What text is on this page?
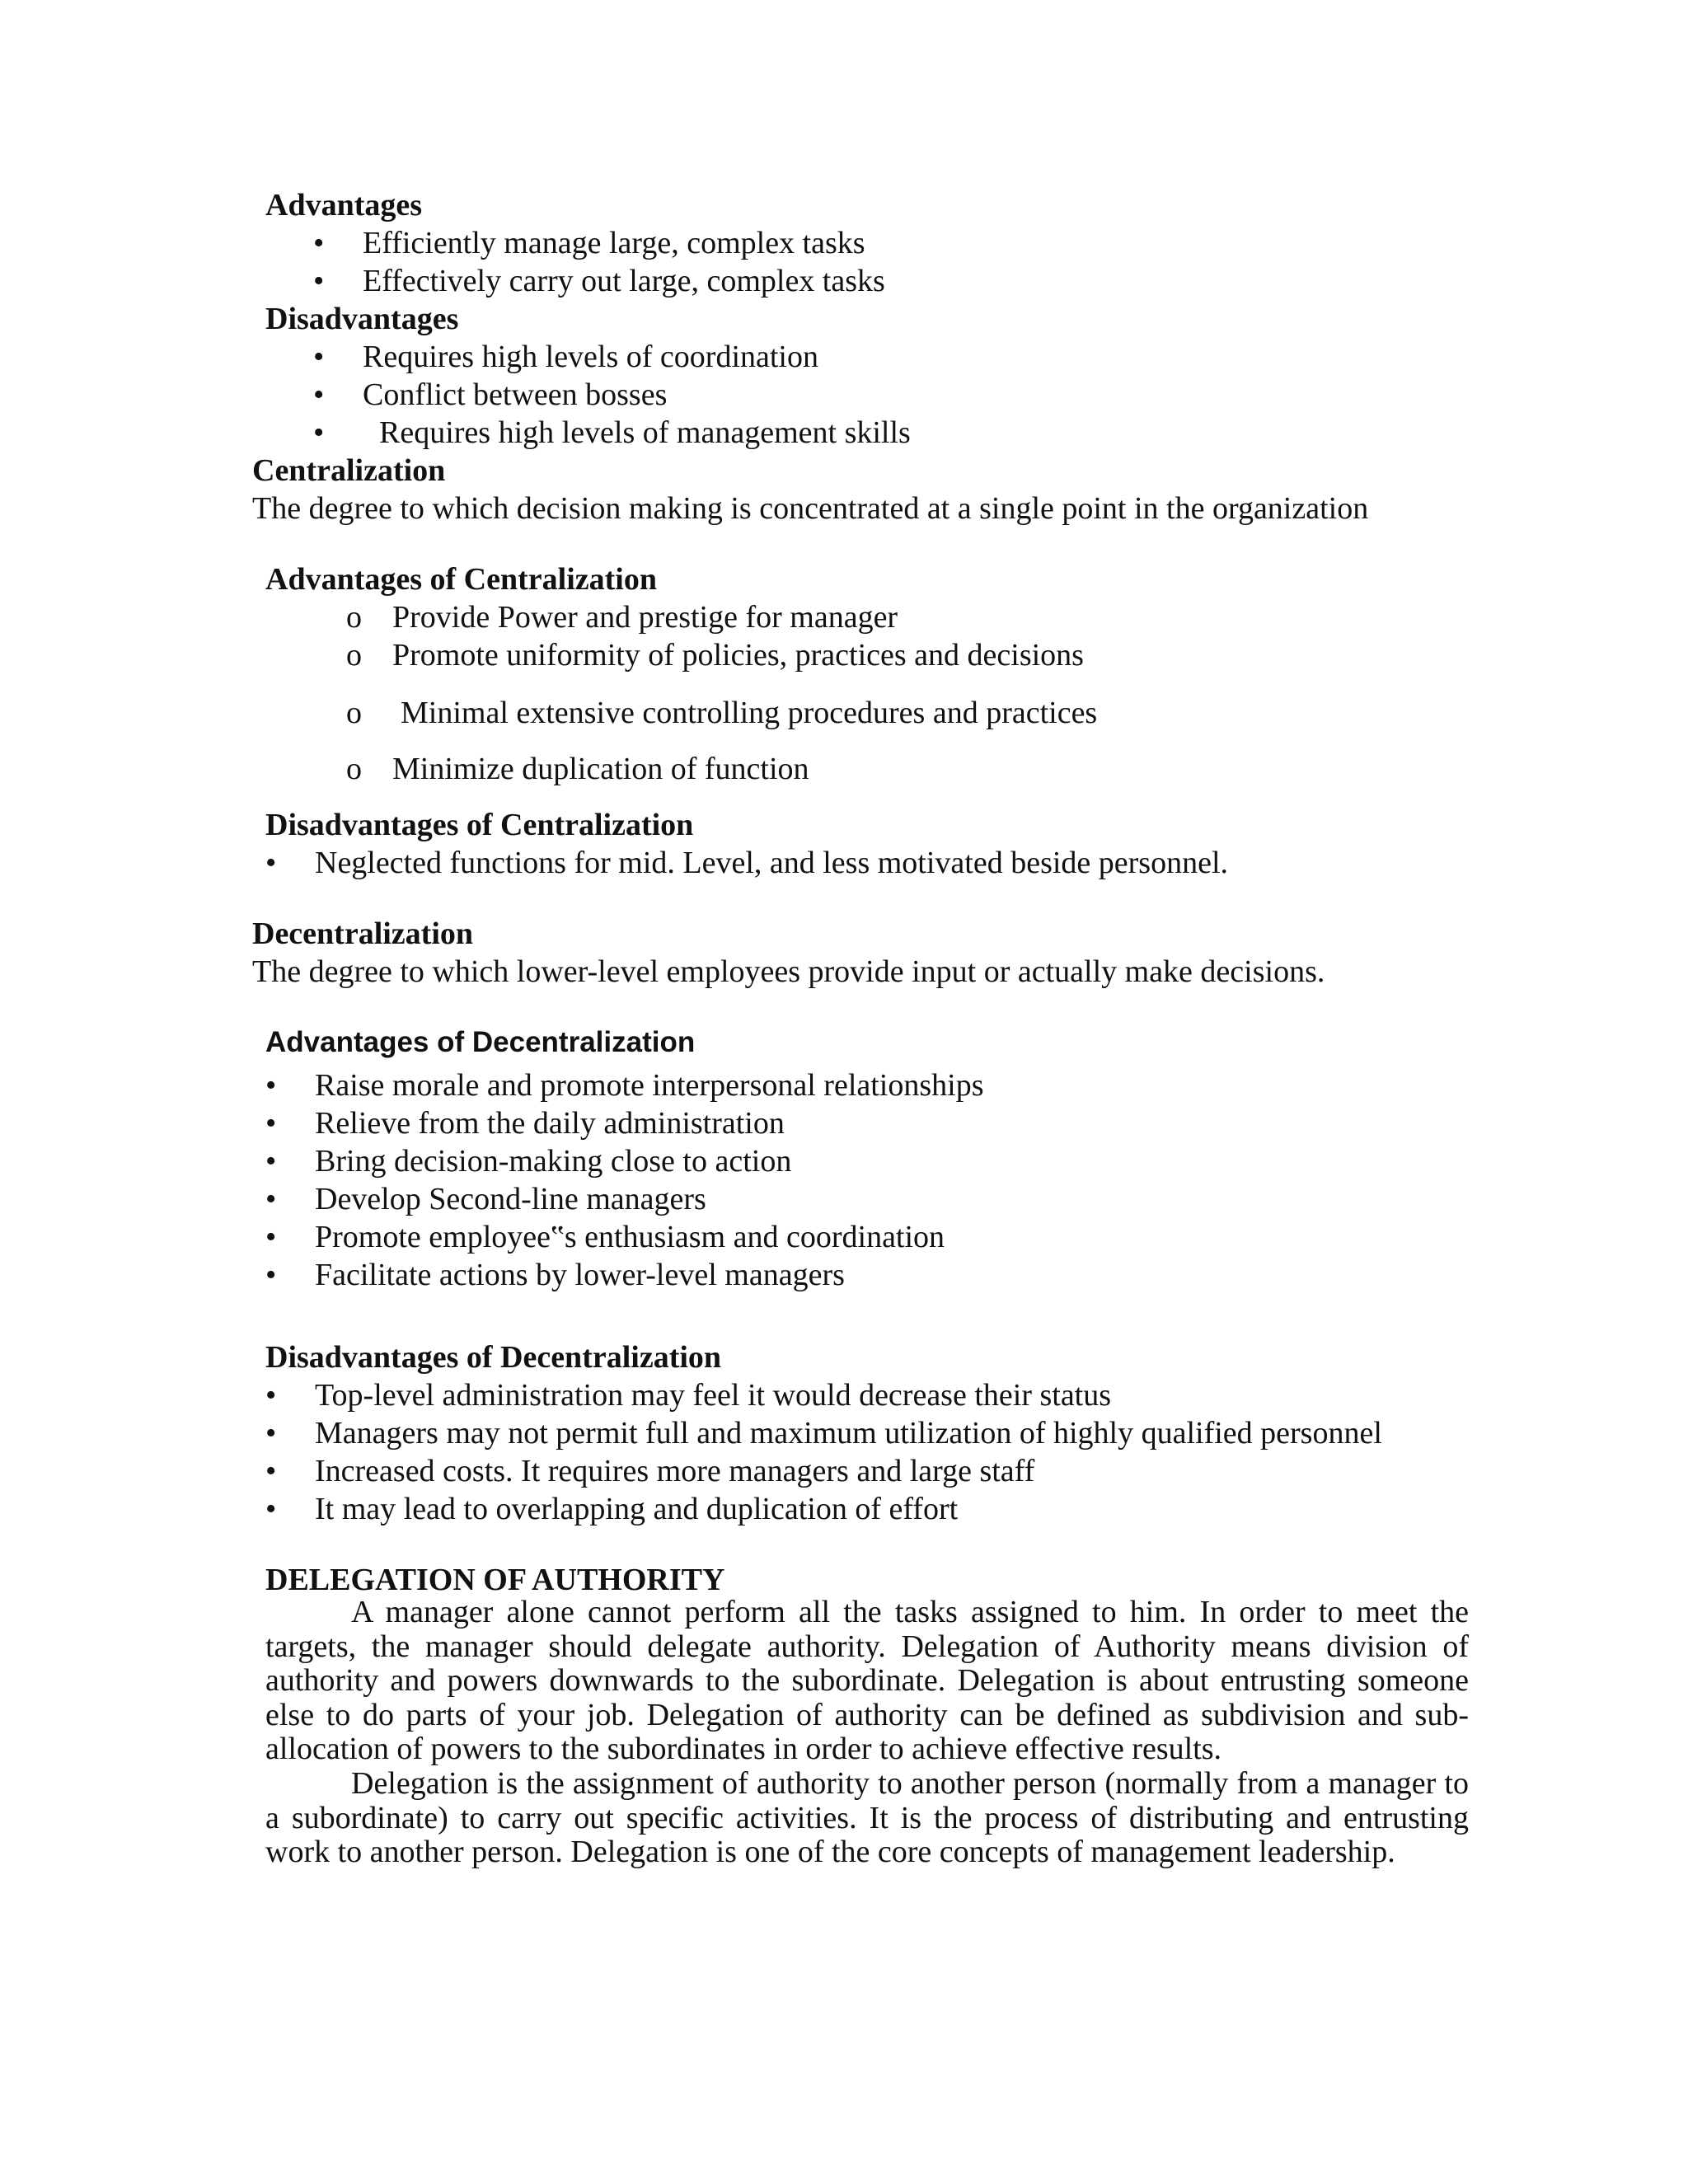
Advantages
• Efficiently manage large, complex tasks
• Effectively carry out large, complex tasks
Disadvantages
• Requires high levels of coordination
• Conflict between bosses
• Requires high levels of management skills
Centralization
The degree to which decision making is concentrated at a single point in the organization
Advantages of Centralization
o Provide Power and prestige for manager
o Promote uniformity of policies, practices and decisions
o Minimal extensive controlling procedures and practices
o Minimize duplication of function
Disadvantages of Centralization
• Neglected functions for mid. Level, and less motivated beside personnel.
Decentralization
The degree to which lower-level employees provide input or actually make decisions.
Advantages of Decentralization
• Raise morale and promote interpersonal relationships
• Relieve from the daily administration
• Bring decision-making close to action
• Develop Second-line managers
• Promote employee‟s enthusiasm and coordination
• Facilitate actions by lower-level managers
Disadvantages of Decentralization
• Top-level administration may feel it would decrease their status
• Managers may not permit full and maximum utilization of highly qualified personnel
• Increased costs. It requires more managers and large staff
• It may lead to overlapping and duplication of effort
DELEGATION OF AUTHORITY

A manager alone cannot perform all the tasks assigned to him. In order to meet the targets, the manager should delegate authority. Delegation of Authority means division of authority and powers downwards to the subordinate. Delegation is about entrusting someone else to do parts of your job. Delegation of authority can be defined as subdivision and sub-allocation of powers to the subordinates in order to achieve effective results.

Delegation is the assignment of authority to another person (normally from a manager to a subordinate) to carry out specific activities. It is the process of distributing and entrusting work to another person. Delegation is one of the core concepts of management leadership.
